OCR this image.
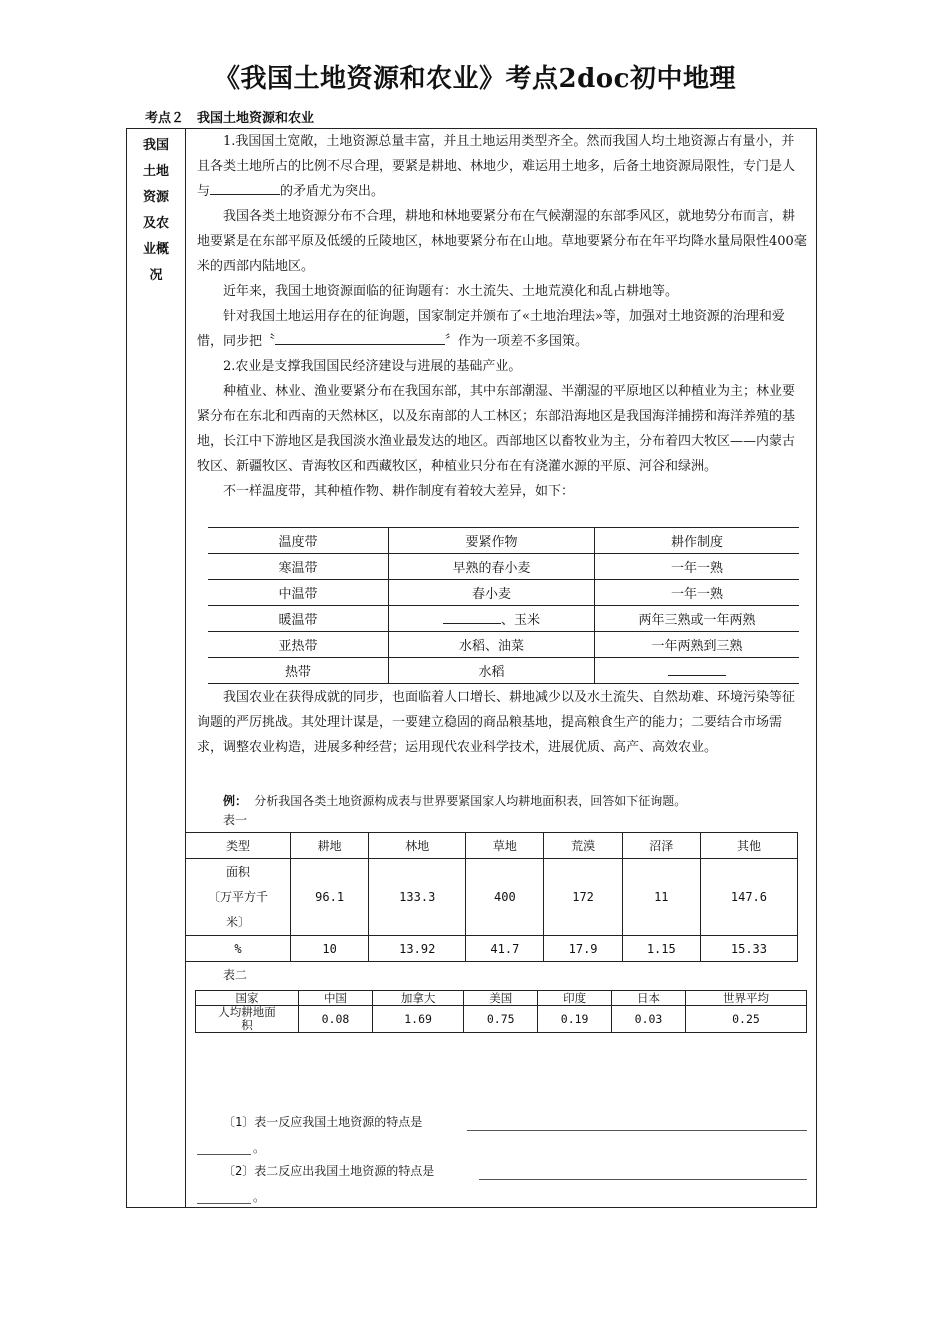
《我国土地资源和农业》考点2doc初中地理
考点２　我国土地资源和农业
我国
土地
资源
及农
业概
况

1.我国国土宽敞，土地资源总量丰富，并且土地运用类型齐全。然而我国人均土地资源占有量小，并且各类土地所占的比例不尽合理，要紧是耕地、林地少，难运用土地多，后备土地资源局限性，专门是人与	的矛盾尤为突出。

我国各类土地资源分布不合理，耕地和林地要紧分布在气候潮湿的东部季风区，就地势分布而言，耕地要紧是在东部平原及低缓的丘陵地区，林地要紧分布在山地。草地要紧分布在年平均降水量局限性400毫米的西部内陆地区。

近年来，我国土地资源面临的征询题有：水土流失、土地荒漠化和乱占耕地等。

针对我国土地运用存在的征询题，国家制定并颁布了«土地治理法»等，加强对土地资源的治理和爱惜，同步把〝	〞作为一项差不多国策。

2.农业是支撑我国国民经济建设与进展的基础产业。

种植业、林业、渔业要紧分布在我国东部，其中东部潮湿、半潮湿的平原地区以种植业为主；林业要紧分布在东北和西南的天然林区，以及东南部的人工林区；东部沿海地区是我国海洋捕捞和海洋养殖的基地，长江中下游地区是我国淡水渔业最发达的地区。西部地区以畜牧业为主，分布着四大牧区——内蒙古牧区、新疆牧区、青海牧区和西藏牧区，种植业只分布在有浇灌水源的平原、河谷和绿洲。

不一样温度带，其种植作物、耕作制度有着较大差异，如下：

温度带	要紧作物	耕作制度
寒温带	早熟的春小麦	一年一熟
中温带	春小麦	一年一熟
暖温带	、玉米	两年三熟或一年两熟
亚热带	水稻、油菜	一年两熟到三熟
热带	水稻	

我国农业在获得成就的同步，也面临着人口增长、耕地减少以及水土流失、自然劫难、环境污染等征询题的严厉挑战。其处理计谋是，一要建立稳固的商品粮基地，提高粮食生产的能力；二要结合市场需求，调整农业构造，进展多种经营；运用现代农业科学技术，进展优质、高产、高效农业。

例： 分析我国各类土地资源构成表与世界要紧国家人均耕地面积表，回答如下征询题。
表一
类型	耕地	林地	草地	荒漠	沼泽	其他

面积
〔万平方千
米〕	96.1	133.3	400	172	11	147.6
%	10	13.92	41.7	17.9	1.15	15.33
表二
国家	中国	加拿大	美国	印度	日本	世界平均

人均耕地面
积	0.08	1.69	0.75	0.19	0.03	0.25
〔1〕表一反应我国土地资源的特点是
。
〔2〕表二反应出我国土地资源的特点是
。
